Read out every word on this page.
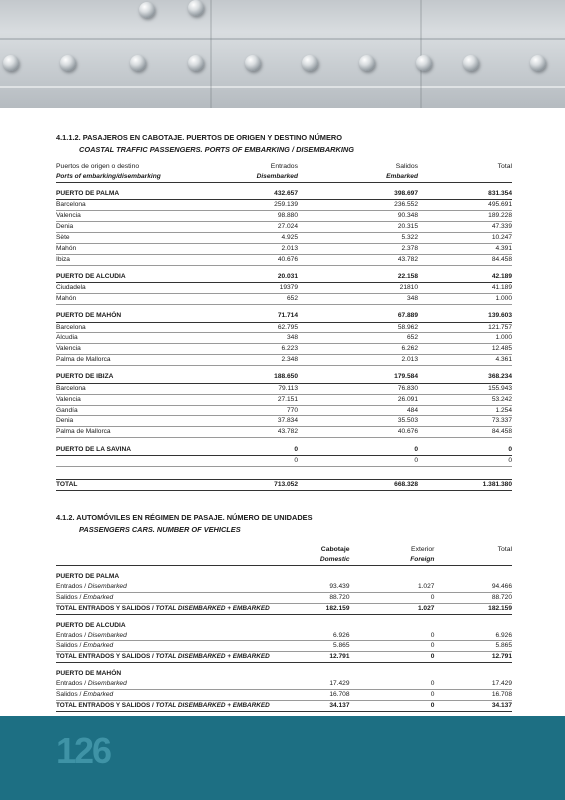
4.1.1.2. PASAJEROS EN CABOTAJE. PUERTOS DE ORIGEN Y DESTINO NÚMERO
COASTAL TRAFFIC PASSENGERS. PORTS OF EMBARKING / DISEMBARKING
Puertos de origen o destino	Entrados	Salidos	Total
Ports of embarking/disembarking	Disembarked	Embarked	

PUERTO DE PALMA	432.657	398.697	831.354
Barcelona	259.139	236.552	495.691
Valencia	98.880	90.348	189.228
Denia	27.024	20.315	47.339
Sète	4.925	5.322	10.247
Mahón	2.013	2.378	4.391
Ibiza	40.676	43.782	84.458

PUERTO DE ALCUDIA	20.031	22.158	42.189
Ciudadela	19379	21810	41.189
Mahón	652	348	1.000

PUERTO DE MAHÓN	71.714	67.889	139.603
Barcelona	62.795	58.962	121.757
Alcudia	348	652	1.000
Valencia	6.223	6.262	12.485
Palma de Mallorca	2.348	2.013	4.361

PUERTO DE IBIZA	188.650	179.584	368.234
Barcelona	79.113	76.830	155.943
Valencia	27.151	26.091	53.242
Gandía	770	484	1.254
Denia	37.834	35.503	73.337
Palma de Mallorca	43.782	40.676	84.458

PUERTO DE LA SAVINA	0	0	0
	0	0	0

TOTAL	713.052	668.328	1.381.380
4.1.2. AUTOMÓVILES EN RÉGIMEN DE PASAJE. NÚMERO DE UNIDADES
PASSENGERS CARS. NUMBER OF VEHICLES
	Cabotaje	Exterior	Total
	Domestic	Foreign	

PUERTO DE PALMA			
Entrados / Disembarked	93.439	1.027	94.466
Salidos / Embarked	88.720	0	88.720
TOTAL ENTRADOS Y SALIDOS / TOTAL DISEMBARKED + EMBARKED	182.159	1.027	182.159

PUERTO DE ALCUDIA			
Entrados / Disembarked	6.926	0	6.926
Salidos / Embarked	5.865	0	5.865
TOTAL ENTRADOS Y SALIDOS / TOTAL DISEMBARKED + EMBARKED	12.791	0	12.791

PUERTO DE MAHÓN			
Entrados / Disembarked	17.429	0	17.429
Salidos / Embarked	16.708	0	16.708
TOTAL ENTRADOS Y SALIDOS / TOTAL DISEMBARKED + EMBARKED	34.137	0	34.137
126
